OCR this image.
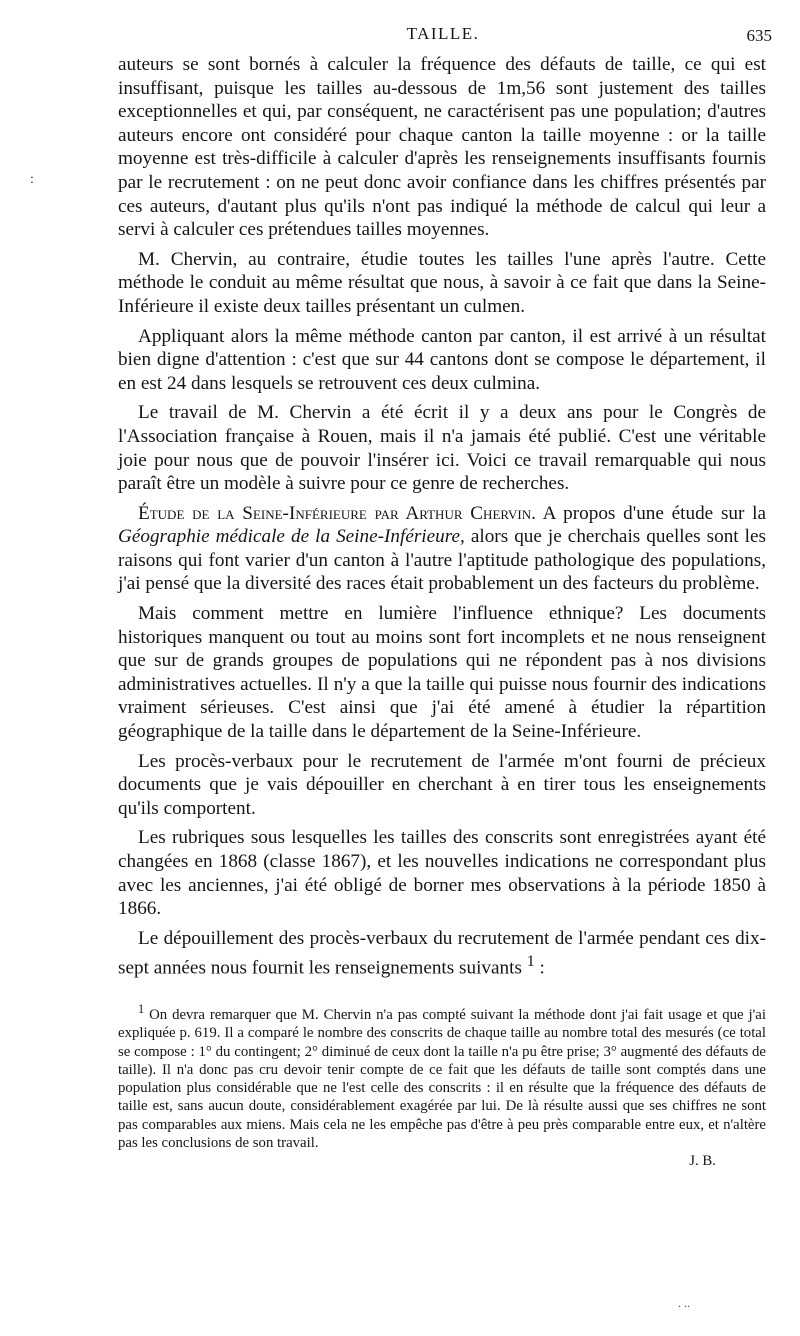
TAILLE.	635
:

auteurs se sont bornés à calculer la fréquence des défauts de taille, ce qui est insuffisant, puisque les tailles au-dessous de 1m,56 sont justement des tailles exceptionnelles et qui, par conséquent, ne caractérisent pas une population; d'autres auteurs encore ont considéré pour chaque canton la taille moyenne : or la taille moyenne est très-difficile à calculer d'après les renseignements insuffisants fournis par le recrutement : on ne peut donc avoir confiance dans les chiffres présentés par ces auteurs, d'autant plus qu'ils n'ont pas indiqué la méthode de calcul qui leur a servi à calculer ces prétendues tailles moyennes.

M. Chervin, au contraire, étudie toutes les tailles l'une après l'autre. Cette méthode le conduit au même résultat que nous, à savoir à ce fait que dans la Seine-Inférieure il existe deux tailles présentant un culmen.

Appliquant alors la même méthode canton par canton, il est arrivé à un résultat bien digne d'attention : c'est que sur 44 cantons dont se compose le département, il en est 24 dans lesquels se retrouvent ces deux culmina.

Le travail de M. Chervin a été écrit il y a deux ans pour le Congrès de l'Association française à Rouen, mais il n'a jamais été publié. C'est une véritable joie pour nous que de pouvoir l'insérer ici. Voici ce travail remarquable qui nous paraît être un modèle à suivre pour ce genre de recherches.

Étude de la Seine-Inférieure par Arthur Chervin. A propos d'une étude sur la Géographie médicale de la Seine-Inférieure, alors que je cherchais quelles sont les raisons qui font varier d'un canton à l'autre l'aptitude pathologique des populations, j'ai pensé que la diversité des races était probablement un des facteurs du problème.

Mais comment mettre en lumière l'influence ethnique? Les documents historiques manquent ou tout au moins sont fort incomplets et ne nous renseignent que sur de grands groupes de populations qui ne répondent pas à nos divisions administratives actuelles. Il n'y a que la taille qui puisse nous fournir des indications vraiment sérieuses. C'est ainsi que j'ai été amené à étudier la répartition géographique de la taille dans le département de la Seine-Inférieure.

Les procès-verbaux pour le recrutement de l'armée m'ont fourni de précieux documents que je vais dépouiller en cherchant à en tirer tous les enseignements qu'ils comportent.

Les rubriques sous lesquelles les tailles des conscrits sont enregistrées ayant été changées en 1868 (classe 1867), et les nouvelles indications ne correspondant plus avec les anciennes, j'ai été obligé de borner mes observations à la période 1850 à 1866.

Le dépouillement des procès-verbaux du recrutement de l'armée pendant ces dix-sept années nous fournit les renseignements suivants $^1$ :

$^1$ On devra remarquer que M. Chervin n'a pas compté suivant la méthode dont j'ai fait usage et que j'ai expliquée p. 619. Il a comparé le nombre des conscrits de chaque taille au nombre total des mesurés (ce total se compose : 1° du contingent; 2° diminué de ceux dont la taille n'a pu être prise; 3° augmenté des défauts de taille). Il n'a donc pas cru devoir tenir compte de ce fait que les défauts de taille sont comptés dans une population plus considérable que ne l'est celle des conscrits : il en résulte que la fréquence des défauts de taille est, sans aucun doute, considérablement exagérée par lui. De là résulte aussi que ses chiffres ne sont pas comparables aux miens. Mais cela ne les empêche pas d'être à peu près comparable entre eux, et n'altère pas les conclusions de son travail.

J. B.
. ..
